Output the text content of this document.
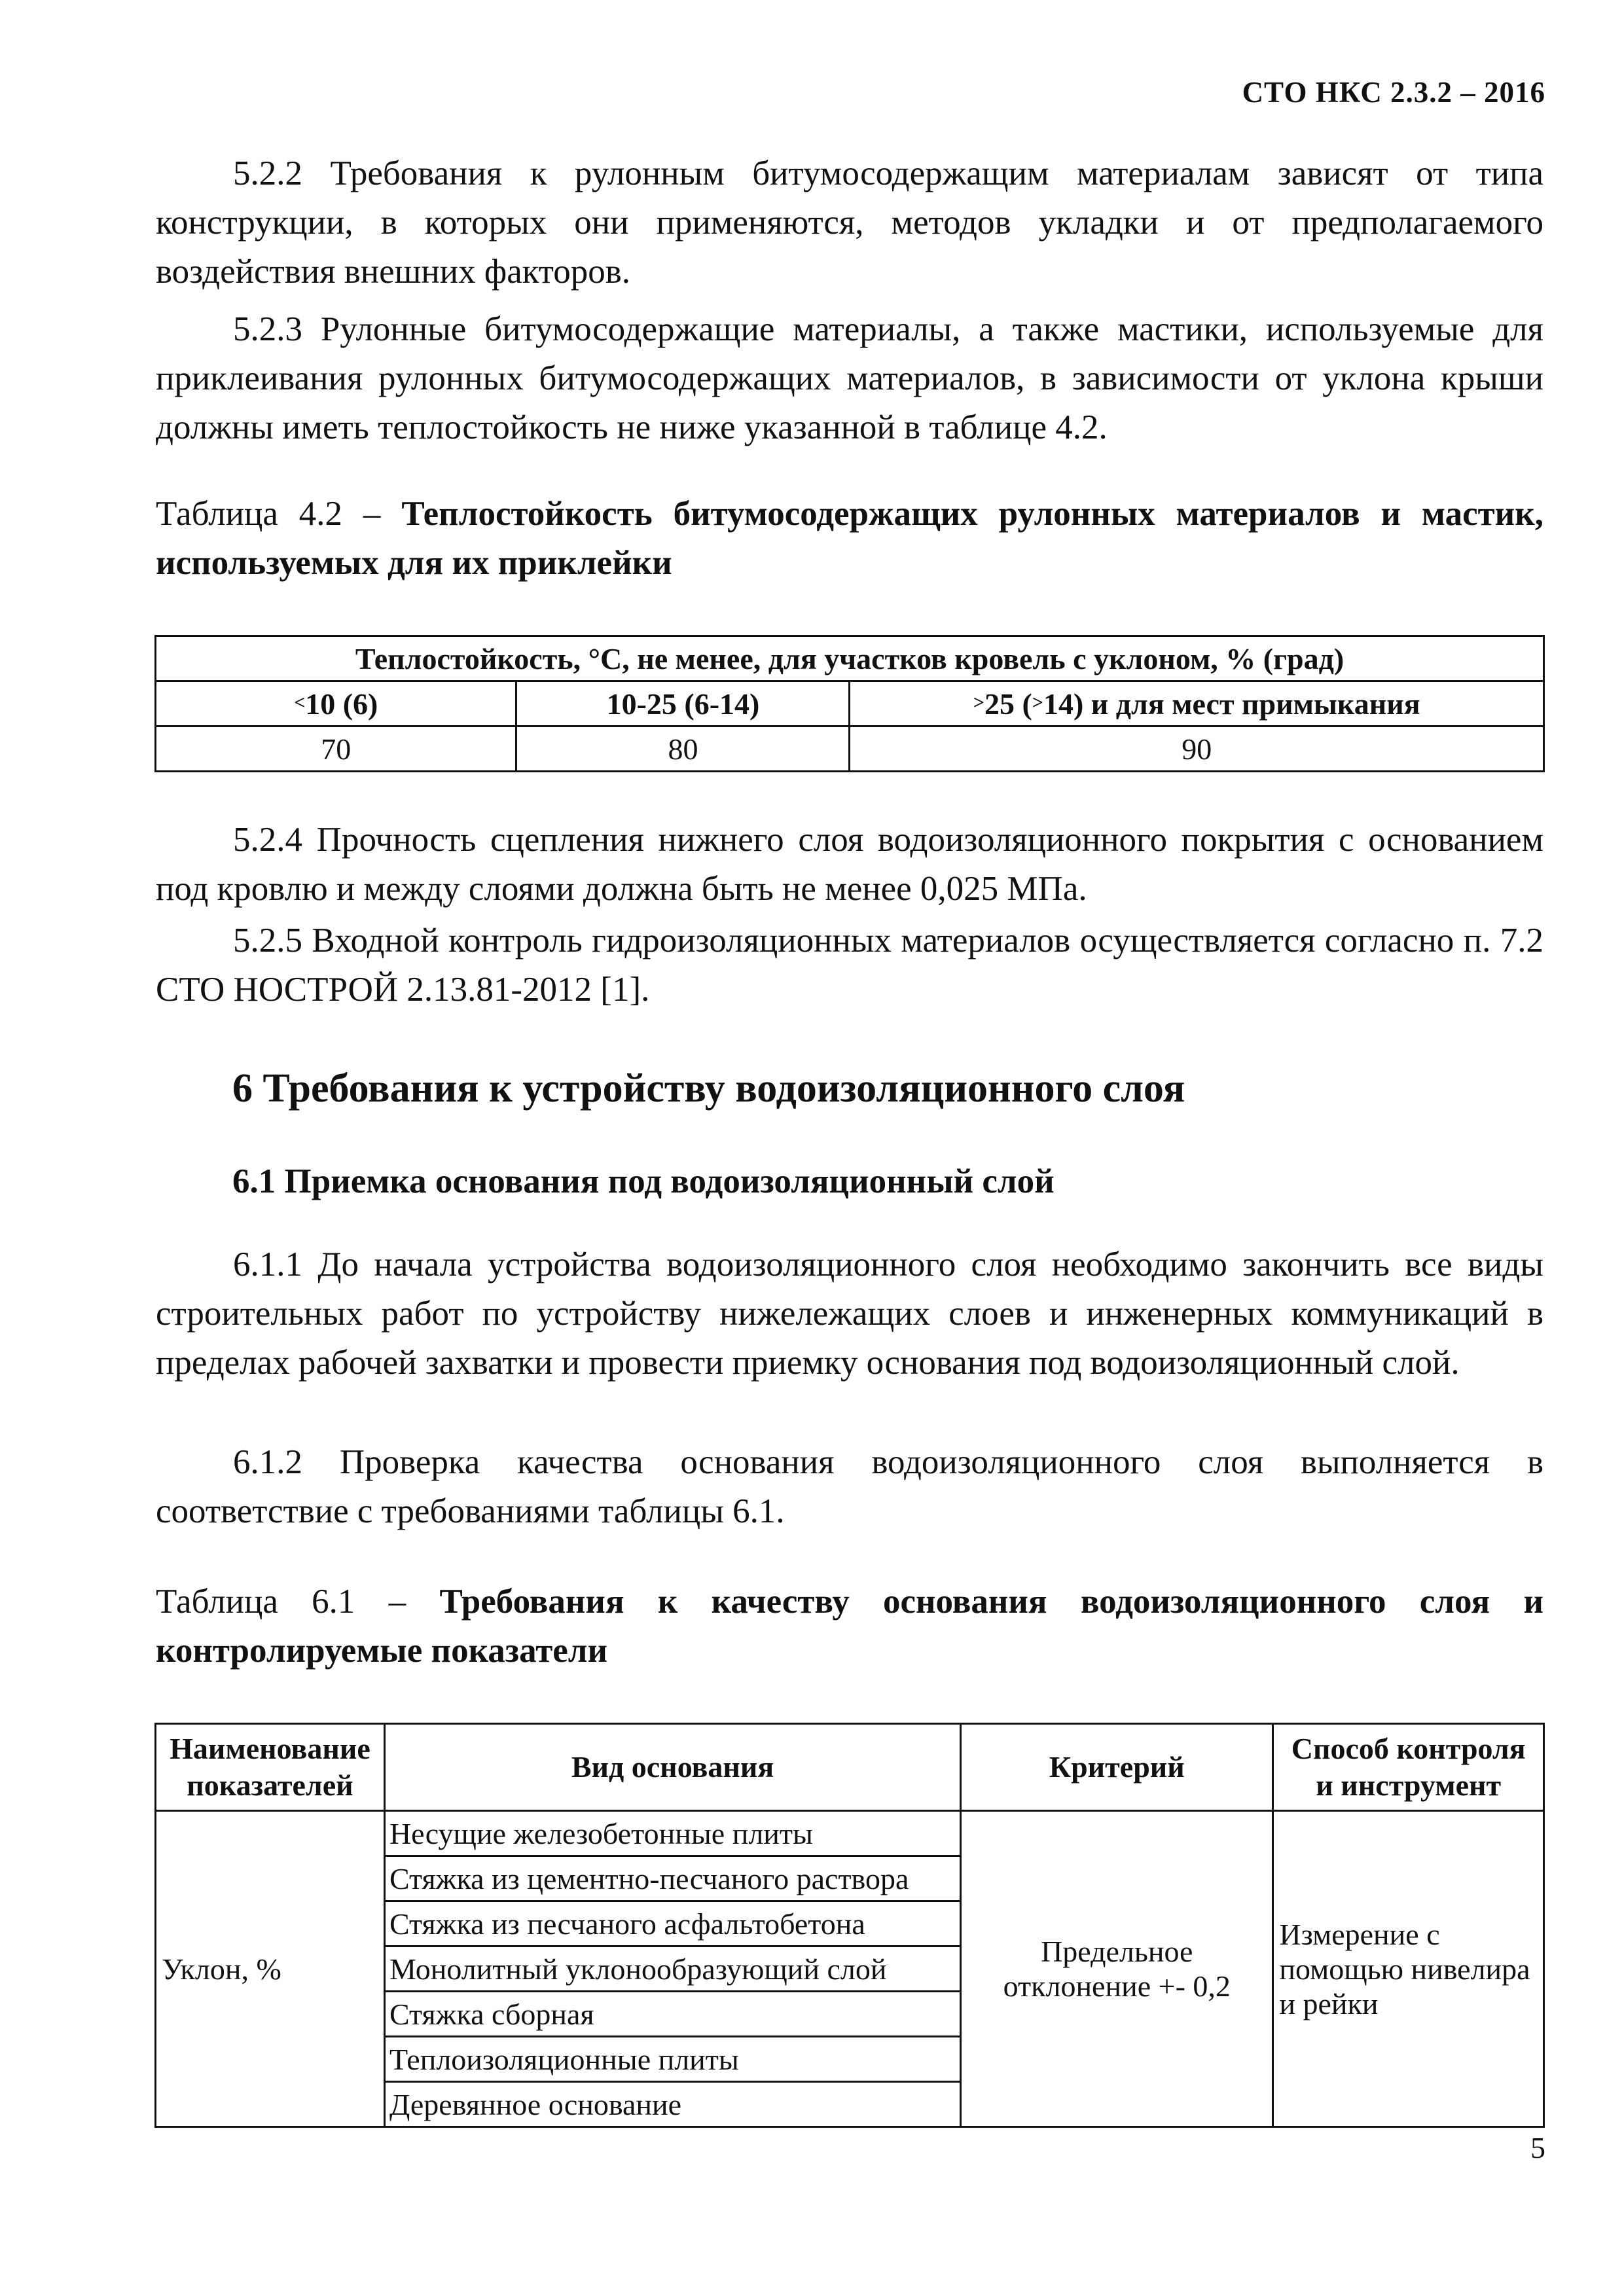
СТО НКС 2.3.2 – 2016
5.2.2 Требования к рулонным битумосодержащим материалам зависят от типа конструкции, в которых они применяются, методов укладки и от предполагаемого воздействия внешних факторов.
5.2.3 Рулонные битумосодержащие материалы, а также мастики, используемые для приклеивания рулонных битумосодержащих материалов, в зависимости от уклона крыши должны иметь теплостойкость не ниже указанной в таблице 4.2.
Таблица 4.2 – Теплостойкость битумосодержащих рулонных материалов и мастик, используемых для их приклейки
Теплостойкость, °С, не менее, для участков кровель с уклоном, % (град)		
<10 (6)	10-25 (6-14)	>25 (>14) и для мест примыкания
70	80	90
5.2.4 Прочность сцепления нижнего слоя водоизоляционного покрытия с основанием под кровлю и между слоями должна быть не менее 0,025 МПа.
5.2.5 Входной контроль гидроизоляционных материалов осуществляется согласно п. 7.2 СТО НОСТРОЙ 2.13.81-2012 [1].
6 Требования к устройству водоизоляционного слоя
6.1 Приемка основания под водоизоляционный слой
6.1.1 До начала устройства водоизоляционного слоя необходимо закончить все виды строительных работ по устройству нижележащих слоев и инженерных коммуникаций в пределах рабочей захватки и провести приемку основания под водоизоляционный слой.
6.1.2 Проверка качества основания водоизоляционного слоя выполняется в соответствие с требованиями таблицы 6.1.
Таблица 6.1 – Требования к качеству основания водоизоляционного слоя и контролируемые показатели
Наименование показателей	Вид основания	Критерий	Способ контроля и инструмент
Уклон, %	Несущие железобетонные плиты	Предельное отклонение +- 0,2	Измерение с помощью нивелира и рейки
	Стяжка из цементно-песчаного раствора		
	Стяжка из песчаного асфальтобетона		
	Монолитный уклонообразующий слой		
	Стяжка сборная		
	Теплоизоляционные плиты		
	Деревянное основание		
5
